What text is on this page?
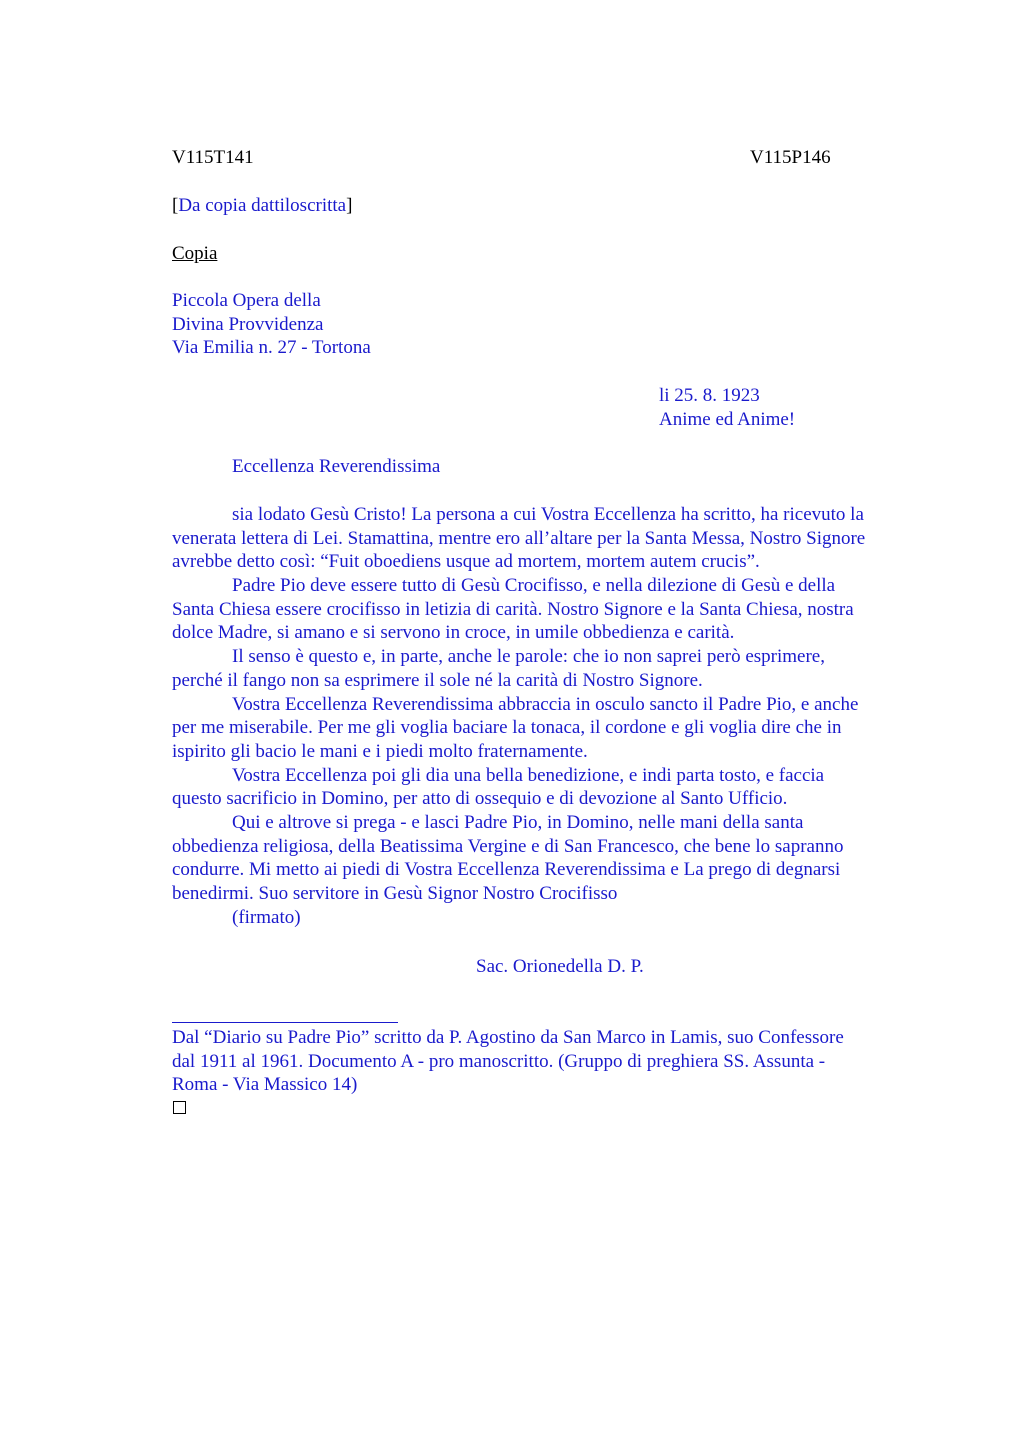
V115T141	V115P146
[Da copia dattiloscritta]
Copia
Piccola Opera della
Divina Provvidenza
Via Emilia n. 27 - Tortona
li 25. 8. 1923
Anime ed Anime!
Eccellenza Reverendissima
sia lodato Gesù Cristo! La persona a cui Vostra Eccellenza ha scritto, ha ricevuto la
venerata lettera di Lei. Stamattina, mentre ero all’altare per la Santa Messa, Nostro Signore
avrebbe detto così: “Fuit oboediens usque ad mortem, mortem autem crucis”.
Padre Pio deve essere tutto di Gesù Crocifisso, e nella dilezione di Gesù e della
Santa Chiesa essere crocifisso in letizia di carità. Nostro Signore e la Santa Chiesa, nostra
dolce Madre, si amano e si servono in croce, in umile obbedienza e carità.
Il senso è questo e, in parte, anche le parole: che io non saprei però esprimere,
perché il fango non sa esprimere il sole né la carità di Nostro Signore.
Vostra Eccellenza Reverendissima abbraccia in osculo sancto il Padre Pio, e anche
per me miserabile. Per me gli voglia baciare la tonaca, il cordone e gli voglia dire che in
ispirito gli bacio le mani e i piedi molto fraternamente.
Vostra Eccellenza poi gli dia una bella benedizione, e indi parta tosto, e faccia
questo sacrificio in Domino, per atto di ossequio e di devozione al Santo Ufficio.
Qui e altrove si prega - e lasci Padre Pio, in Domino, nelle mani della santa
obbedienza religiosa, della Beatissima Vergine e di San Francesco, che bene lo sapranno
condurre. Mi metto ai piedi di Vostra Eccellenza Reverendissima e La prego di degnarsi
benedirmi. Suo servitore in Gesù Signor Nostro Crocifisso
(firmato)
Sac. Orionedella D. P.
Dal “Diario su Padre Pio” scritto da P. Agostino da San Marco in Lamis, suo Confessore
dal 1911 al 1961. Documento A - pro manoscritto. (Gruppo di preghiera SS. Assunta -
Roma - Via Massico 14)
